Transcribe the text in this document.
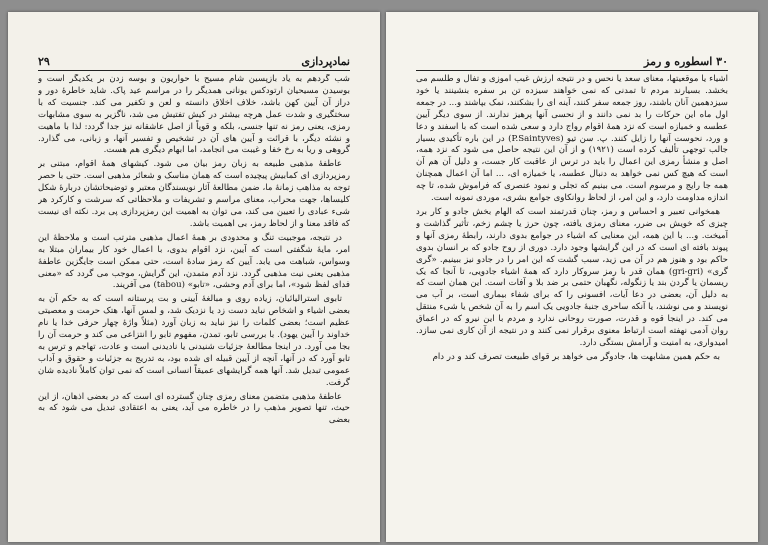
نمادپردازی
۲۹

شب گردهم به یاد بازپسین شام مسیح با حواریون و بوسه زدن بر یکدیگر است و بوسیدن مسیحیان ارتودکس یونانی همدیگر را در مراسم عید پاک. شاید خاطرهٔ دور و دراز آن آیین کهن باشد، خلاف اخلاق دانسته و لعن و تکفیر می کند. جنسیت که با سختگیری و شدت عمل هرچه بیشتر در کیش تفتیش می شد، ناگزیر به سوی مشابهات رمزی، یعنی رمز نه تنها جنسی، بلکه و قویاً از اصل عاشقانه نیز جدا گردد: لذا با ماهیت و نشئه دیگر، با قرائت و آیین های آن در تشخیص و تفسیر آنها، و زبانی، می گذارد. گروهی و ریا به رخ خفا و غیبت می انجامد، اما ابهام دیگری هم هست.

عاطفهٔ مذهبی طبیعه به زبان رمز بیان می شود. کیشهای همهٔ اقوام، مبتنی بر رمزپردازی ای کمابیش پیچیده است که همان مناسک و شعائر مذهبی است. حتی با حصر توجه به مذاهب زمانهٔ ما، ضمن مطالعهٔ آثار نویسندگان معتبر و توضیحاتشان دربارهٔ شکل کلیساها، جهت محراب، معنای مراسم و تشریفات و ملاحظاتی که سرشت و کارکرد هر شیء عبادی را تعیین می کند، می توان به اهمیت این رمزپردازی پی برد. نکته ای نیست که فاقد معنا و از لحاظ رمز، بی اهمیت باشد.

در نتیجه، موجبیت تنگ و محدودی بر همهٔ اعمال مذهبی مترتب است و ملاحظهٔ این امر، مایهٔ شگفتی است که آیین، نزد اقوام بدوی، با اعمال خود کار بیماران مبتلا به وسواس، شباهت می یابد. آیین که رمز سادهٔ است، حتی ممکن است جایگزین عاطفهٔ مذهبی یعنی نیت مذهبی گردد. نزد آدم متمدن، این گرایش، موجب می گردد که «معنی فدای لفظ شود»، اما برای آدم وحشی، «تابو» (tabou) می آفریند.

تابوی استرالیائیان، زیاده روی و مبالغهٔ آیینی و بت پرستانه است که به حکم آن به بعضی اشیاء و اشخاص نباید دست زد یا نزدیک شد، و لمس آنها، هتک حرمت و معصیتی عظیم است؛ بعضی کلمات را نیز نباید به زبان آورد (مثلاً واژهٔ چهار حرفی خدا یا نام خداوند را آیین یهود). با بررسی تابو، تمدن، مفهوم تابو را انتزاعی می کند و حرمت آن را بجا می آورد. در اینجا مطالعهٔ جزئیات شنیدنی یا نادیدنی است و عادت، تهاجم و ترس به تابو آورد که در آنها، آنچه از آیین قبیله ای شده بود، به تدریج به جزئیات و حقوق و آداب عمومی تبدیل شد. آنها همه گرایشهای عمیقاً انسانی است که نمی توان کاملاً نادیده شان گرفت.

عاطفهٔ مذهبی متضمن معنای رمزی چنان گسترده ای است که در بعضی اذهان، از این حیث، تنها تصویر مذهب را در خاطره می آید، یعنی به اعتقادی تبدیل می شود که به بعضی

۳۰ اسطوره و رمز

اشیاء یا موقعیتها، معنای سعد یا نحس و در نتیجه ارزش غیب آموزی و تفأل و طلسم می بخشد. بسیارند مردم تا تمدنی که نمی خواهند سیزده تن بر سفره بنشینند یا خود سیزدهمین آنان باشند، روز جمعه سفر کنند، آینه ای را بشکنند، نمک بپاشند و... در جمعه اول ماه این حرکات را بد نمی دانند و از نحسی آنها پرهیز ندارند. از سوی دیگر آیین عطسه و خمیازه است که نزد همهٔ اقوام رواج دارد و سعی شده است که با اسفند و دعا و ورد، نحوست آنها را زایل کنند. پ. سن تیو (P.Saintyves) در این باره تأکیدی بسیار جالب توجهی تألیف کرده است (۱۹۲۱) و از آن این نتیجه حاصل می شود که نزد همه، اصل و منشأ رمزی این اعمال را باید در ترس از عاقبت کار جست، و دلیل آن هم آن است که هیچ کس نمی خواهد به دنبال عطسه، یا خمیازه ای، ... اما آن اعمال همچنان همه جا رایج و مرسوم است. می بینیم که تجلی و نمود عنصری که فراموش شده، تا چه اندازه مداومت دارد، و این امر، از لحاظ روانکاوی جوامع بشری، موردی نمونه است.

همخوانی تعبیر و احساس و رمز، چنان قدرتمند است که الهام بخش جادو و کار برد چیزی که خویش بی ضرر، معنای رمزی یافته، چون حرز یا چشم زخم، تأثیر گذاشت و آمیخت. و... با این همه، این معنایی که اشیاء در جوامع بدوی دارند، رابطهٔ رمزی آنها و پیوند بافته ای است که در این گرایشها وجود دارد. دوری از روح جادو که بر انسان بدوی حاکم بود و هنوز هم در آن می زید، سبب گشت که این امر را در جادو نیز ببینیم. «گری گری» (gri-gri) همان قدر با رمز سروکار دارد که همهٔ اشیاء جادویی، تا آنجا که یک ریسمان یا گردن بند یا زنگوله، نگهبان حتمی بر ضد بلا و آفات است. این همان است که به دلیل آن، بعضی در دعا آیات، افسونی را که برای شفاء بیماری است، بر آب می نویسند و می نوشند، یا آنکه ساحری جنبهٔ جادویی یک اسم را به آن شخص یا شیء منتقل می کند. در اینجا قوه و قدرت، صورت روحانی ندارد و مردم با این نیرو که در اعماق روان آدمی نهفته است ارتباط معنوی برقرار نمی کنند و در نتیجه از آن کاری نمی سازد. امیدواری، به امنیت و آرامش بستگی دارد.

به حکم همین مشابهت ها، جادوگر می خواهد بر قوای طبیعت تصرف کند و در دام
